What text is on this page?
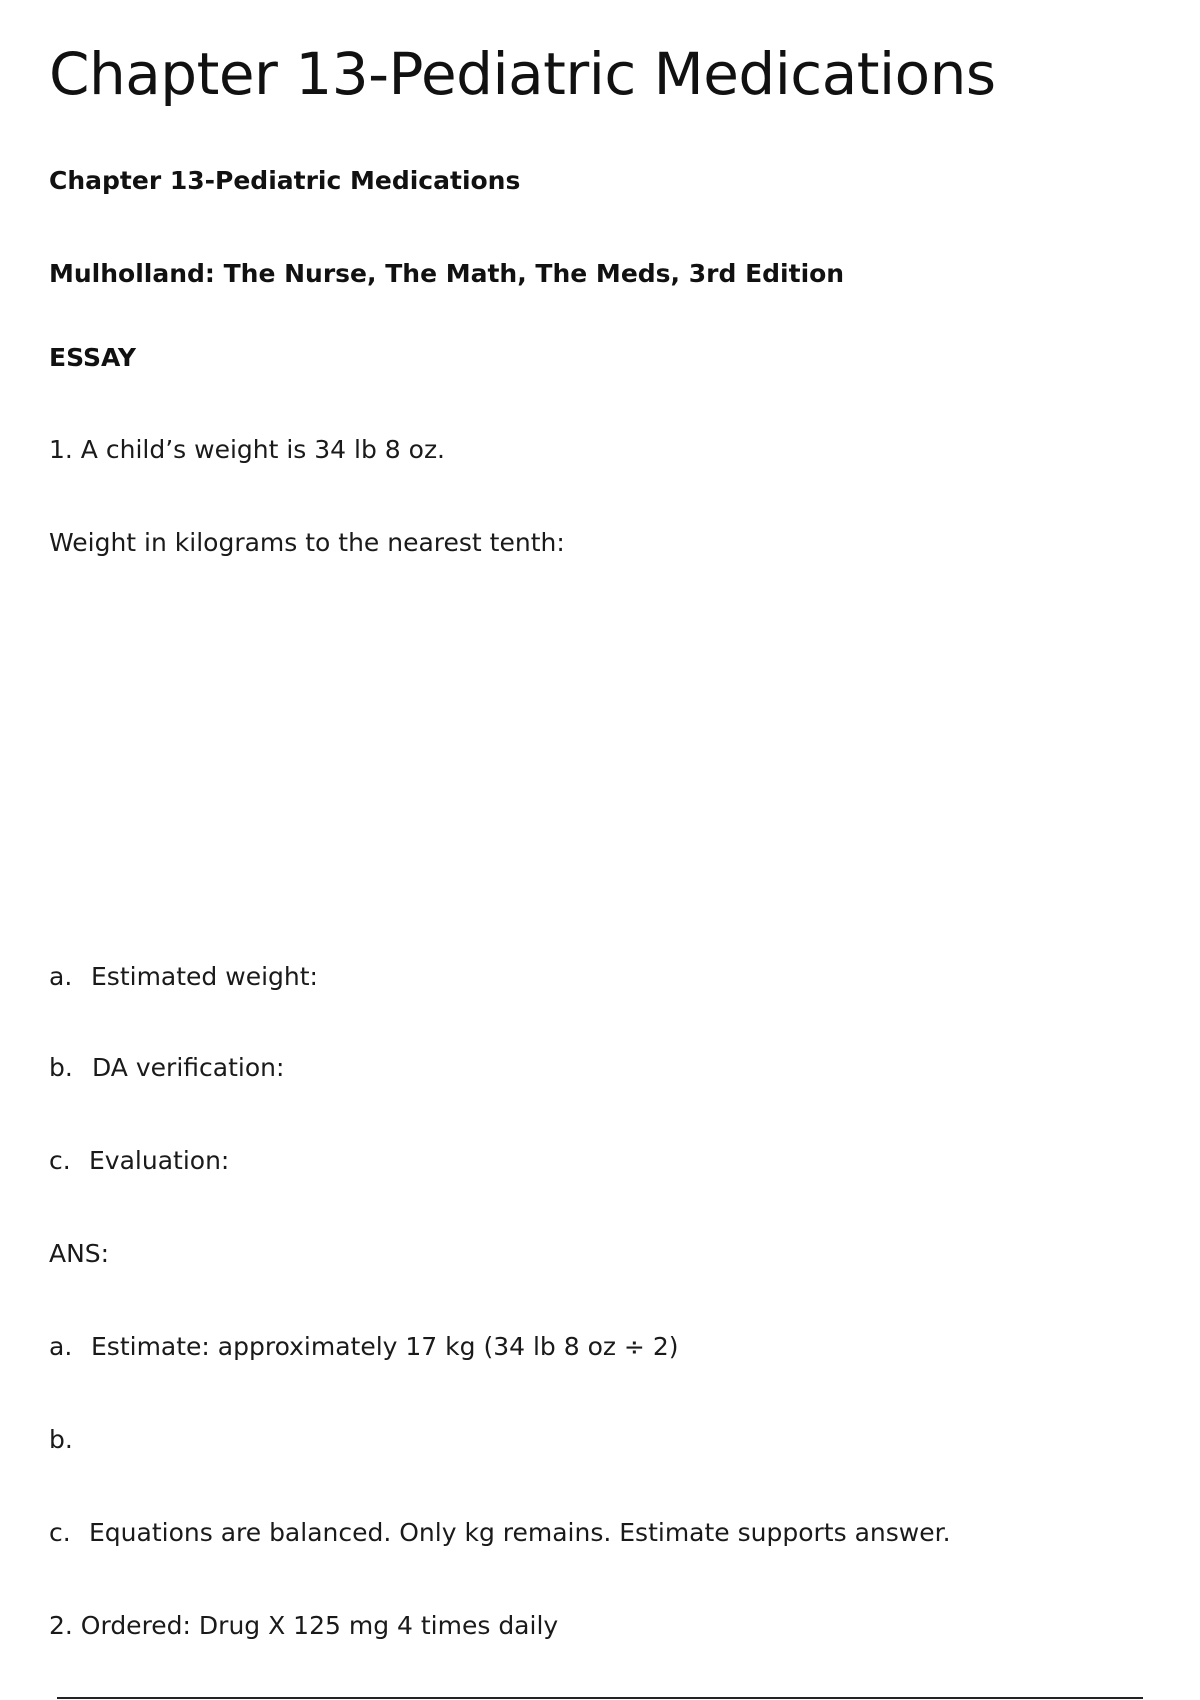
Chapter 13-Pediatric Medications
Chapter 13-Pediatric Medications
Mulholland: The Nurse, The Math, The Meds, 3rd Edition
ESSAY
1. A child’s weight is 34 lb 8 oz.
Weight in kilograms to the nearest tenth:
a. Estimated weight:
b. DA verification:
c. Evaluation:
ANS:
a. Estimate: approximately 17 kg (34 lb 8 oz ÷ 2)
b.
c. Equations are balanced. Only kg remains. Estimate supports answer.
2. Ordered: Drug X 125 mg 4 times daily
